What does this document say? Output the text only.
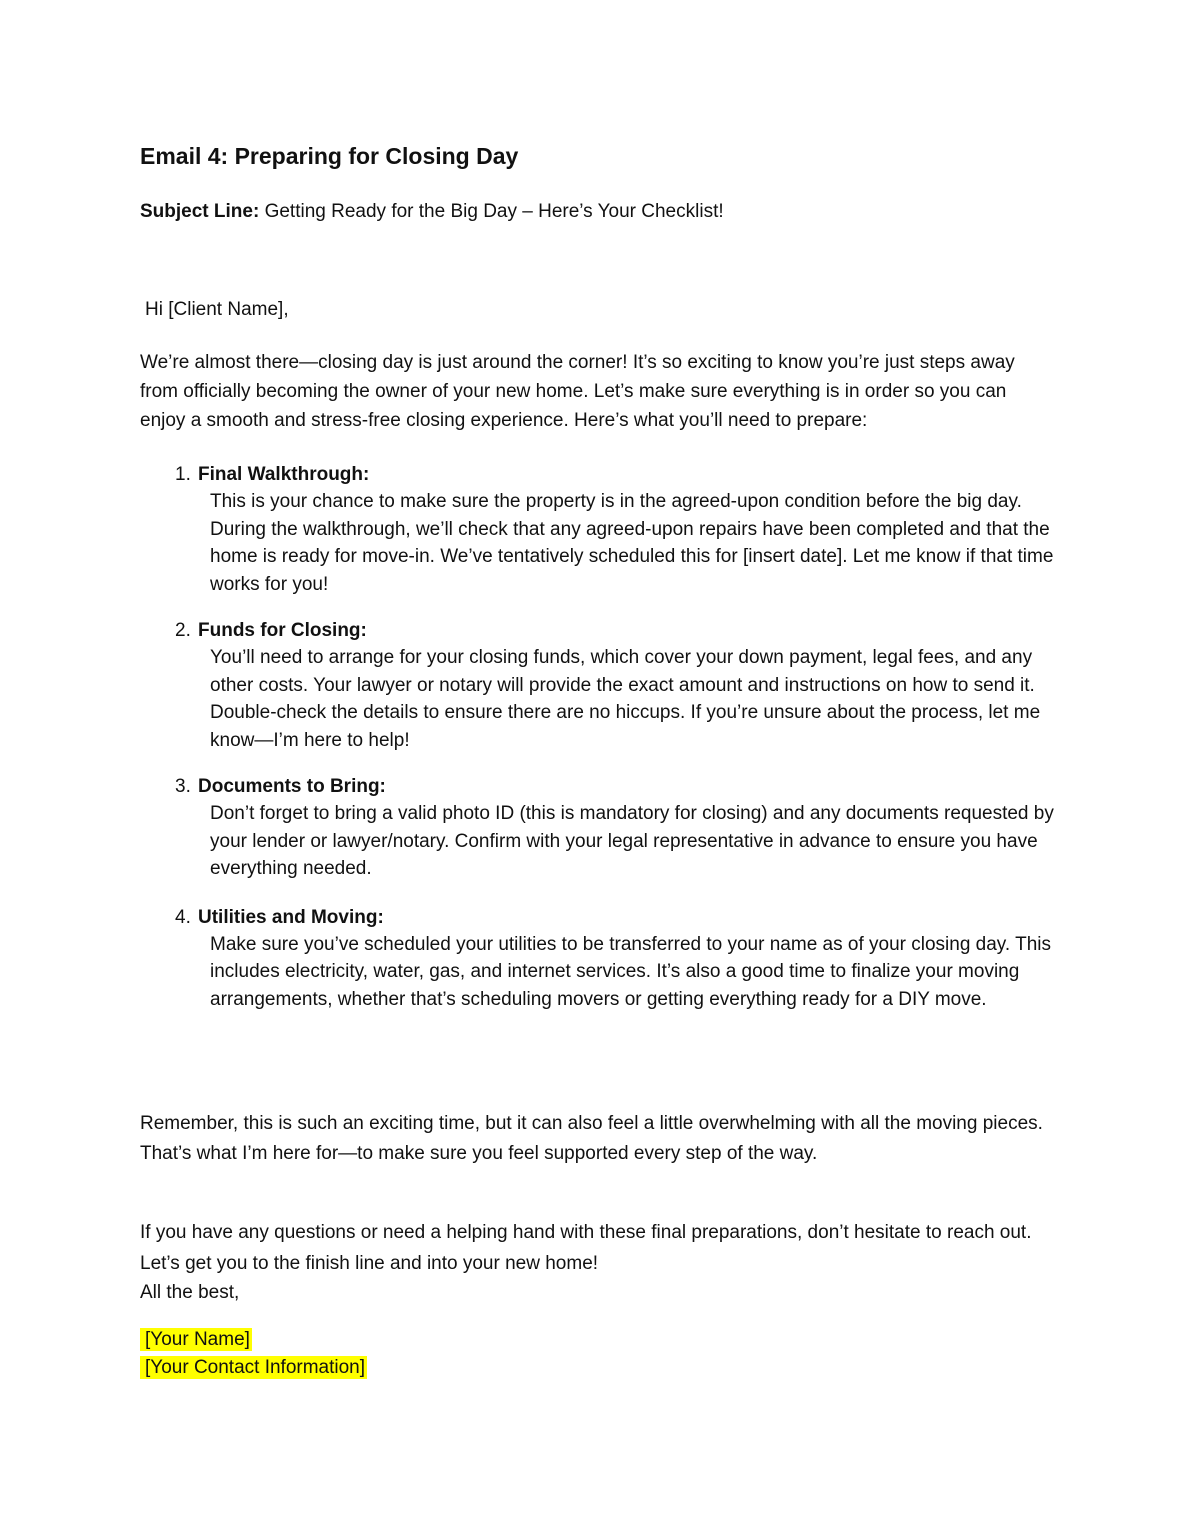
Email 4: Preparing for Closing Day
Subject Line: Getting Ready for the Big Day – Here’s Your Checklist!
Hi [Client Name],

We’re almost there—closing day is just around the corner! It’s so exciting to know you’re just steps away from officially becoming the owner of your new home. Let’s make sure everything is in order so you can enjoy a smooth and stress-free closing experience. Here’s what you’ll need to prepare:

1. Final Walkthrough:
This is your chance to make sure the property is in the agreed-upon condition before the big day. During the walkthrough, we’ll check that any agreed-upon repairs have been completed and that the home is ready for move-in. We’ve tentatively scheduled this for [insert date]. Let me know if that time works for you!
2. Funds for Closing:
You’ll need to arrange for your closing funds, which cover your down payment, legal fees, and any other costs. Your lawyer or notary will provide the exact amount and instructions on how to send it. Double-check the details to ensure there are no hiccups. If you’re unsure about the process, let me know—I’m here to help!
3. Documents to Bring:
Don’t forget to bring a valid photo ID (this is mandatory for closing) and any documents requested by your lender or lawyer/notary. Confirm with your legal representative in advance to ensure you have everything needed.
4. Utilities and Moving:
Make sure you’ve scheduled your utilities to be transferred to your name as of your closing day. This includes electricity, water, gas, and internet services. It’s also a good time to finalize your moving arrangements, whether that’s scheduling movers or getting everything ready for a DIY move.

Remember, this is such an exciting time, but it can also feel a little overwhelming with all the moving pieces. That’s what I’m here for—to make sure you feel supported every step of the way.

If you have any questions or need a helping hand with these final preparations, don’t hesitate to reach out. Let’s get you to the finish line and into your new home!

All the best,
[Your Name]
[Your Contact Information]
